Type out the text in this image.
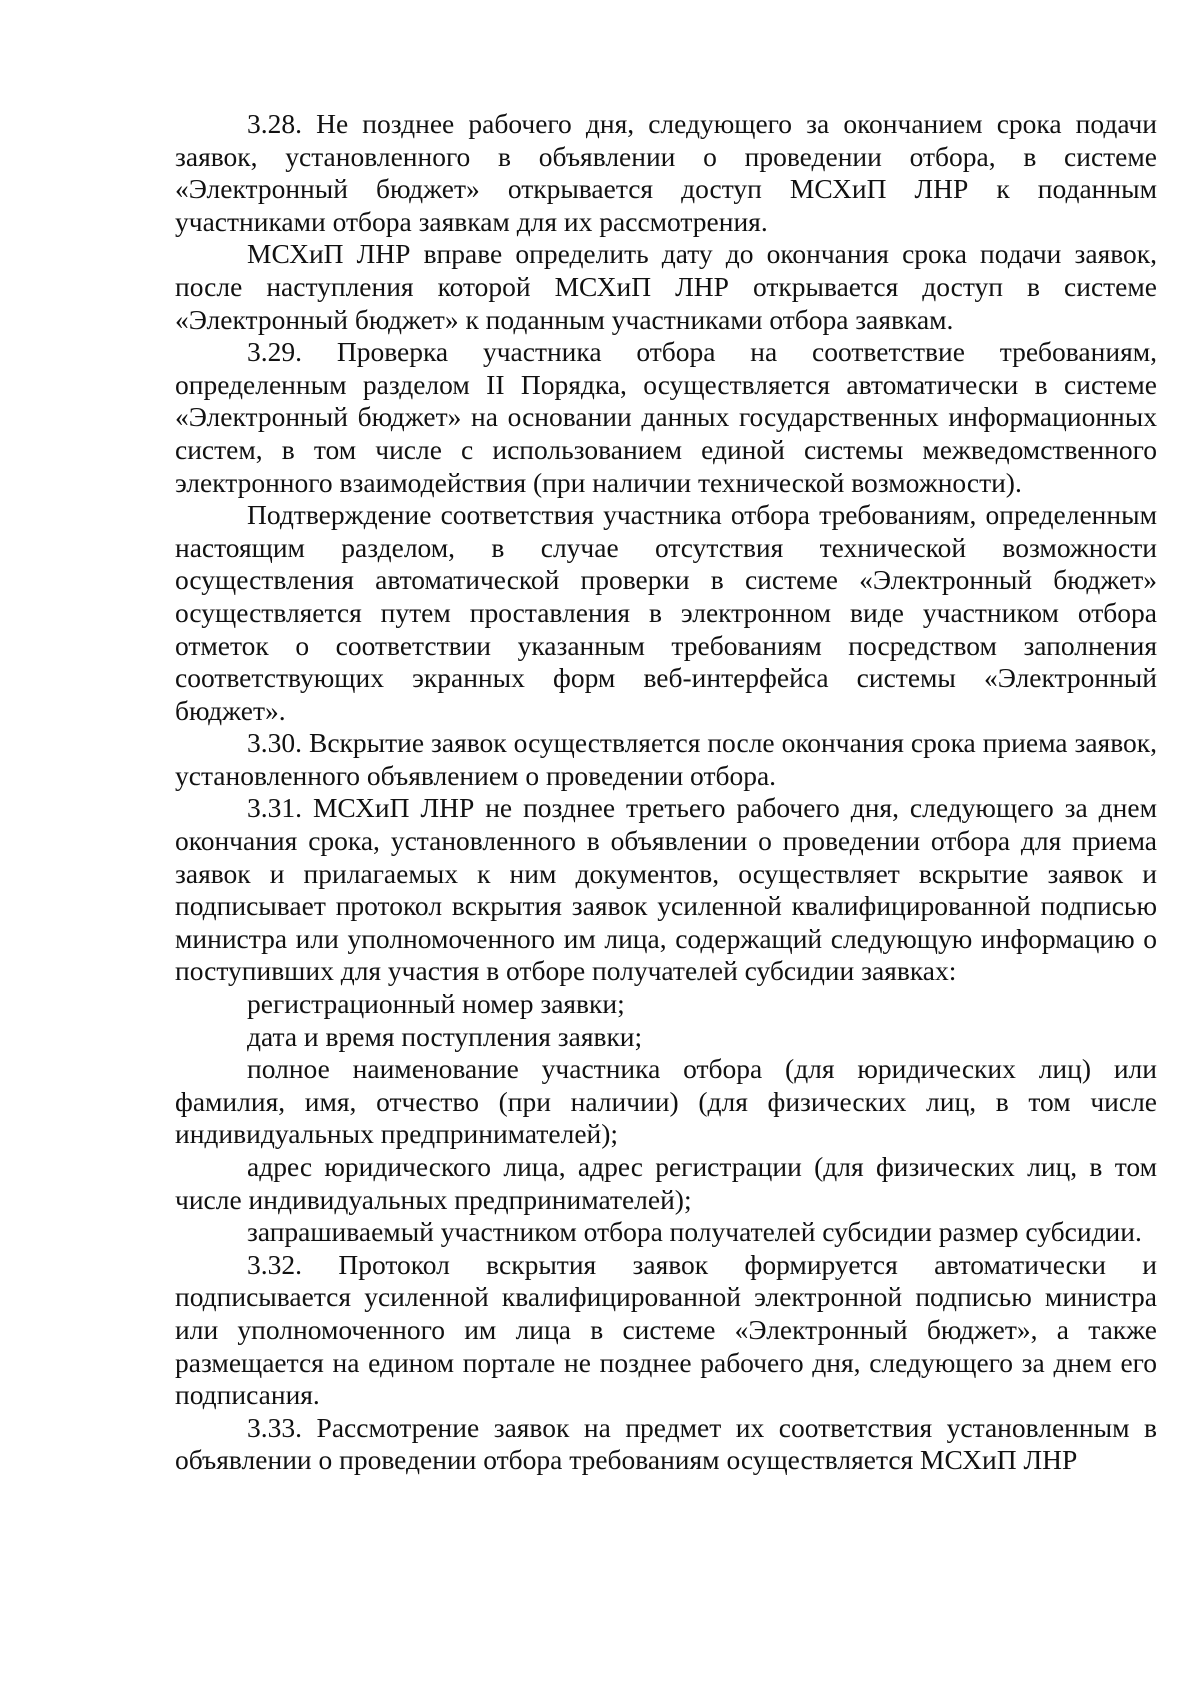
3.28. Не позднее рабочего дня, следующего за окончанием срока подачи заявок, установленного в объявлении о проведении отбора, в системе «Электронный бюджет» открывается доступ МСХиП ЛНР к поданным участниками отбора заявкам для их рассмотрения.

МСХиП ЛНР вправе определить дату до окончания срока подачи заявок, после наступления которой МСХиП ЛНР открывается доступ в системе «Электронный бюджет» к поданным участниками отбора заявкам.

3.29. Проверка участника отбора на соответствие требованиям, определенным разделом II Порядка, осуществляется автоматически в системе «Электронный бюджет» на основании данных государственных информационных систем, в том числе с использованием единой системы межведомственного электронного взаимодействия (при наличии технической возможности).

Подтверждение соответствия участника отбора требованиям, определенным настоящим разделом, в случае отсутствия технической возможности осуществления автоматической проверки в системе «Электронный бюджет» осуществляется путем проставления в электронном виде участником отбора отметок о соответствии указанным требованиям посредством заполнения соответствующих экранных форм веб-интерфейса системы «Электронный бюджет».

3.30. Вскрытие заявок осуществляется после окончания срока приема заявок, установленного объявлением о проведении отбора.

3.31. МСХиП ЛНР не позднее третьего рабочего дня, следующего за днем окончания срока, установленного в объявлении о проведении отбора для приема заявок и прилагаемых к ним документов, осуществляет вскрытие заявок и подписывает протокол вскрытия заявок усиленной квалифицированной подписью министра или уполномоченного им лица, содержащий следующую информацию о поступивших для участия в отборе получателей субсидии заявках:

регистрационный номер заявки;

дата и время поступления заявки;

полное наименование участника отбора (для юридических лиц) или фамилия, имя, отчество (при наличии) (для физических лиц, в том числе индивидуальных предпринимателей);

адрес юридического лица, адрес регистрации (для физических лиц, в том числе индивидуальных предпринимателей);

запрашиваемый участником отбора получателей субсидии размер субсидии.

3.32. Протокол вскрытия заявок формируется автоматически и подписывается усиленной квалифицированной электронной подписью министра или уполномоченного им лица в системе «Электронный бюджет», а также размещается на едином портале не позднее рабочего дня, следующего за днем его подписания.

3.33. Рассмотрение заявок на предмет их соответствия установленным в объявлении о проведении отбора требованиям осуществляется МСХиП ЛНР
